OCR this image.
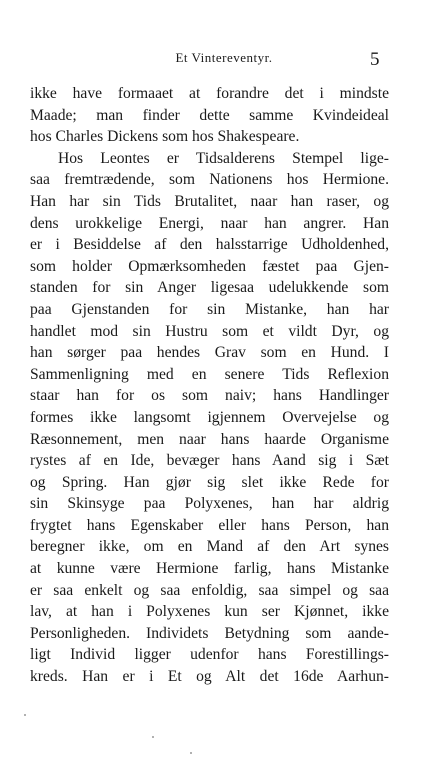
Et Vintereventyr.	5
ikke have formaaet at forandre det i mindste
Maade; man finder dette samme Kvindeideal
hos Charles Dickens som hos Shakespeare.
Hos Leontes er Tidsalderens Stempel lige-
saa fremtrædende, som Nationens hos Hermione.
Han har sin Tids Brutalitet, naar han raser, og
dens urokkelige Energi, naar han angrer. Han
er i Besiddelse af den halsstarrige Udholdenhed,
som holder Opmærksomheden fæstet paa Gjen-
standen for sin Anger ligesaa udelukkende som
paa Gjenstanden for sin Mistanke, han har
handlet mod sin Hustru som et vildt Dyr, og
han sørger paa hendes Grav som en Hund. I
Sammenligning med en senere Tids Reflexion
staar han for os som naiv; hans Handlinger
formes ikke langsomt igjennem Overvejelse og
Ræsonnement, men naar hans haarde Organisme
rystes af en Ide, bevæger hans Aand sig i Sæt
og Spring. Han gjør sig slet ikke Rede for
sin Skinsyge paa Polyxenes, han har aldrig
frygtet hans Egenskaber eller hans Person, han
beregner ikke, om en Mand af den Art synes
at kunne være Hermione farlig, hans Mistanke
er saa enkelt og saa enfoldig, saa simpel og saa
lav, at han i Polyxenes kun ser Kjønnet, ikke
Personligheden. Individets Betydning som aande-
ligt Individ ligger udenfor hans Forestillings-
kreds. Han er i Et og Alt det 16de Aarhun-
